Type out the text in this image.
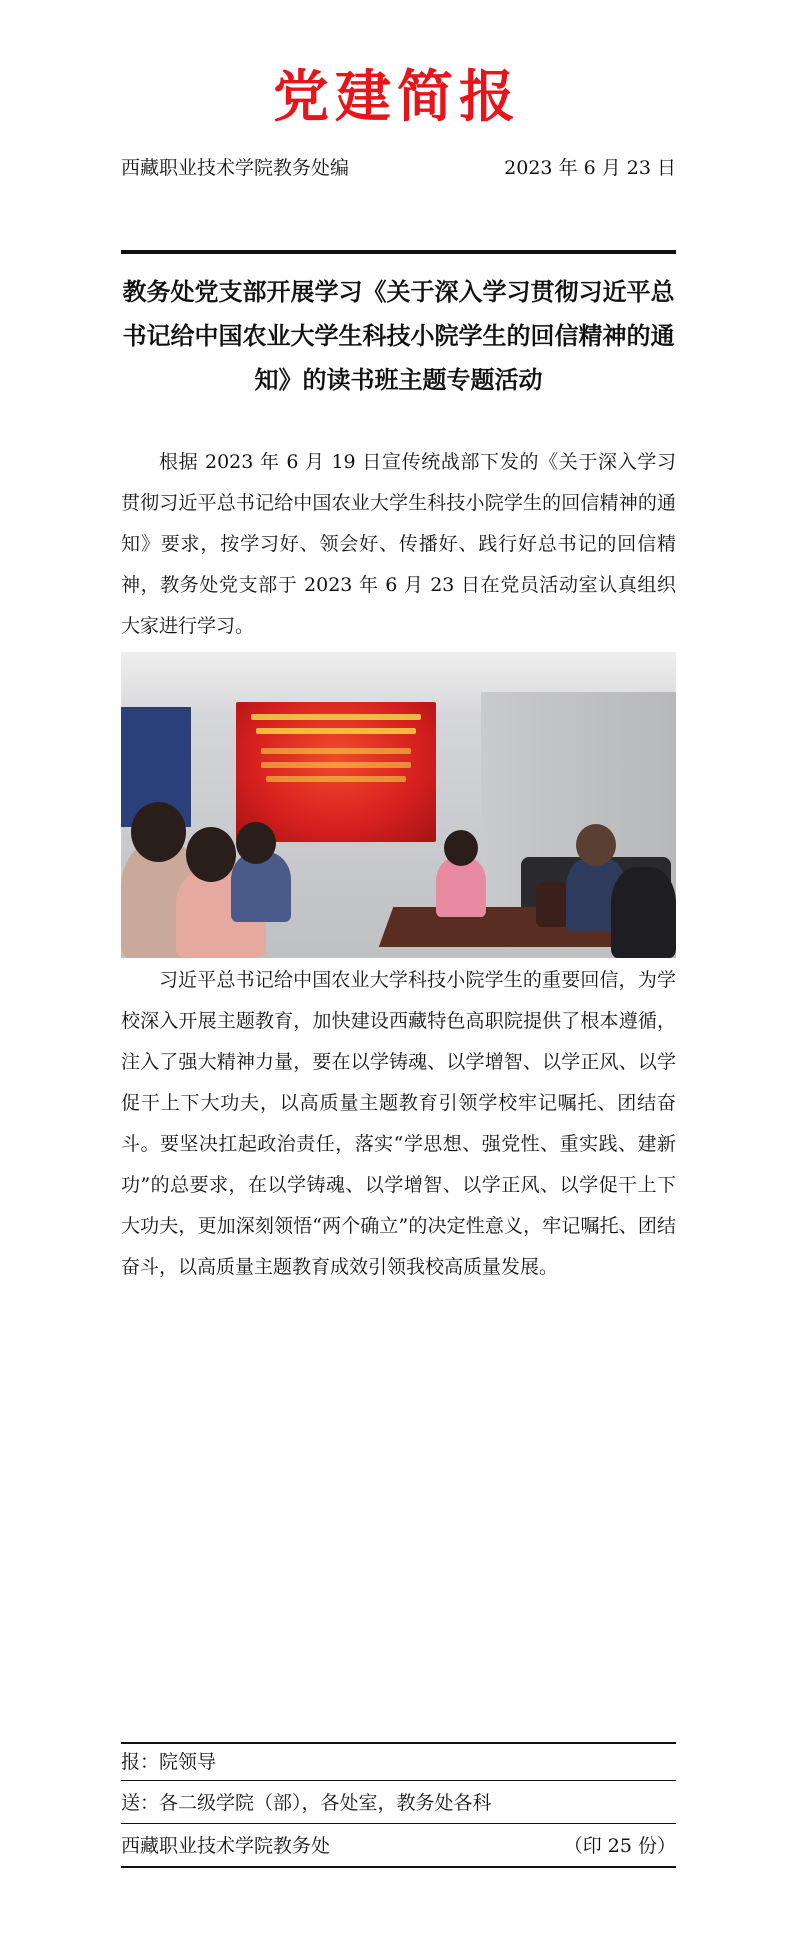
党建简报
西藏职业技术学院教务处编	2023 年 6 月 23 日
教务处党支部开展学习《关于深入学习贯彻习近平总书记给中国农业大学生科技小院学生的回信精神的通知》的读书班主题专题活动

根据 2023 年 6 月 19 日宣传统战部下发的《关于深入学习贯彻习近平总书记给中国农业大学生科技小院学生的回信精神的通知》要求，按学习好、领会好、传播好、践行好总书记的回信精神，教务处党支部于 2023 年 6 月 23 日在党员活动室认真组织大家进行学习。

习近平总书记给中国农业大学科技小院学生的重要回信，为学校深入开展主题教育，加快建设西藏特色高职院提供了根本遵循，注入了强大精神力量，要在以学铸魂、以学增智、以学正风、以学促干上下大功夫，以高质量主题教育引领学校牢记嘱托、团结奋斗。要坚决扛起政治责任，落实“学思想、强党性、重实践、建新功”的总要求，在以学铸魂、以学增智、以学正风、以学促干上下大功夫，更加深刻领悟“两个确立”的决定性意义，牢记嘱托、团结奋斗，以高质量主题教育成效引领我校高质量发展。

报：院领导
送：各二级学院（部），各处室，教务处各科
西藏职业技术学院教务处	（印 25 份）
